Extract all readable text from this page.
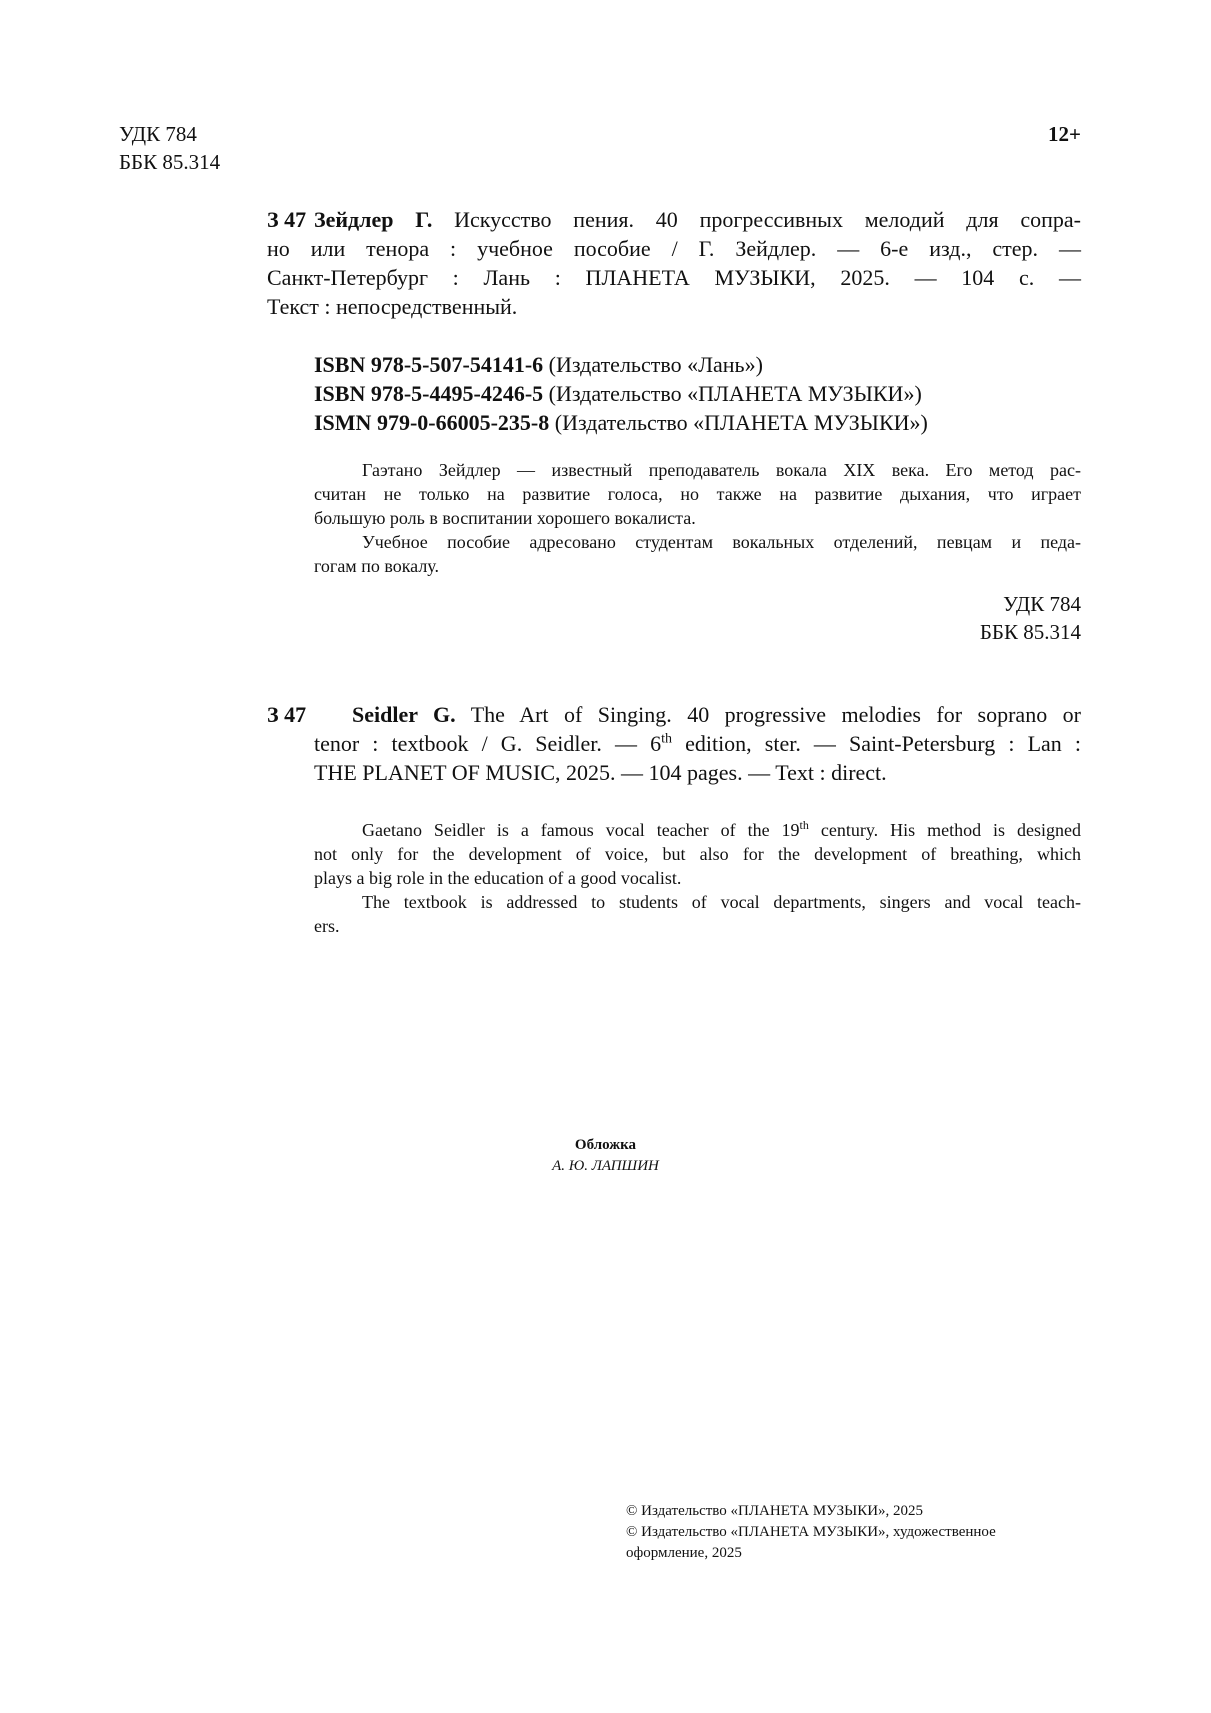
УДК 784
ББК 85.314
12+
З 47 Зейдлер Г. Искусство пения. 40 прогрессивных мелодий для сопра-
но или тенора : учебное пособие / Г. Зейдлер. — 6-е изд., стер. —
Санкт-Петербург : Лань : ПЛАНЕТА МУЗЫКИ, 2025. — 104 с. —
Текст : непосредственный.
ISBN 978-5-507-54141-6 (Издательство «Лань»)
ISBN 978-5-4495-4246-5 (Издательство «ПЛАНЕТА МУЗЫКИ»)
ISMN 979-0-66005-235-8 (Издательство «ПЛАНЕТА МУЗЫКИ»)
Гаэтано Зейдлер — известный преподаватель вокала XIX века. Его метод рас-
считан не только на развитие голоса, но также на развитие дыхания, что играет
большую роль в воспитании хорошего вокалиста.
Учебное пособие адресовано студентам вокальных отделений, певцам и педа-
гогам по вокалу.
УДК 784
ББК 85.314
З 47 Seidler G. The Art of Singing. 40 progressive melodies for soprano or
tenor : textbook / G. Seidler. — 6th edition, ster. — Saint-Petersburg : Lan :
THE PLANET OF MUSIC, 2025. — 104 pages. — Text : direct.
Gaetano Seidler is a famous vocal teacher of the 19th century. His method is designed
not only for the development of voice, but also for the development of breathing, which
plays a big role in the education of a good vocalist.
The textbook is addressed to students of vocal departments, singers and vocal teach-
ers.
Обложка
А. Ю. ЛАПШИН
© Издательство «ПЛАНЕТА МУЗЫКИ», 2025
© Издательство «ПЛАНЕТА МУЗЫКИ», художественное
оформление, 2025
